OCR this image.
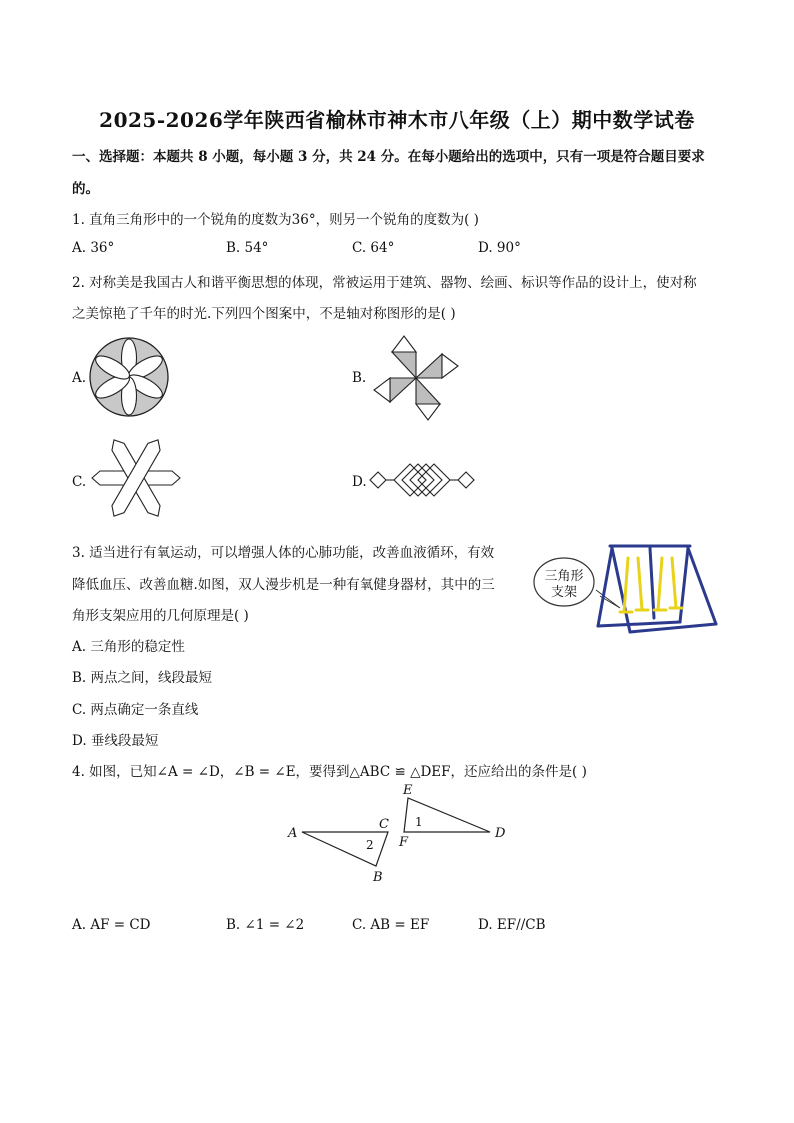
2025-2026学年陕西省榆林市神木市八年级（上）期中数学试卷
一、选择题：本题共 8 小题，每小题 3 分，共 24 分。在每小题给出的选项中，只有一项是符合题目要求
的。
1. 直角三角形中的一个锐角的度数为36°，则另一个锐角的度数为( )
A. 36°	B. 54°	C. 64°	D. 90°
2. 对称美是我国古人和谐平衡思想的体现，常被运用于建筑、器物、绘画、标识等作品的设计上，使对称
之美惊艳了千年的时光.下列四个图案中，不是轴对称图形的是( )
A.	B.
C.	D.
3. 适当进行有氧运动，可以增强人体的心肺功能，改善血液循环，有效
降低血压、改善血糖.如图，双人漫步机是一种有氧健身器材，其中的三
角形支架应用的几何原理是( )
三角形
支架
A. 三角形的稳定性
B. 两点之间，线段最短
C. 两点确定一条直线
D. 垂线段最短
4. 如图，已知∠A = ∠D，∠B = ∠E，要得到△ABC ≌ △DEF，还应给出的条件是( )
A
B
C
D
E
F
1
2
A. AF = CD	B. ∠1 = ∠2	C. AB = EF	D. EF//CB
